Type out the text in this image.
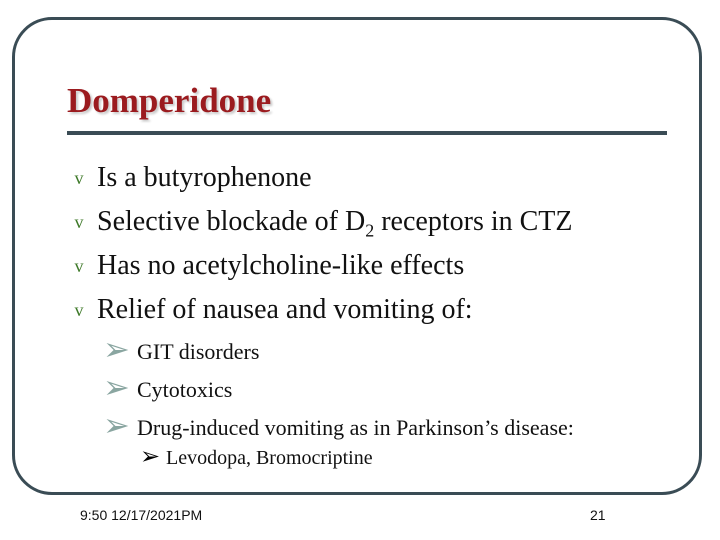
Domperidone
v Is a butyrophenone
v Selective blockade of $D_2$ receptors in CTZ
v Has no acetylcholine-like effects
v Relief of nausea and vomiting of:
➢ GIT disorders
➢ Cytotoxics
➢ Drug-induced vomiting as in Parkinson’s disease:
➢ Levodopa, Bromocriptine
9:50 12/17/2021PM	21
